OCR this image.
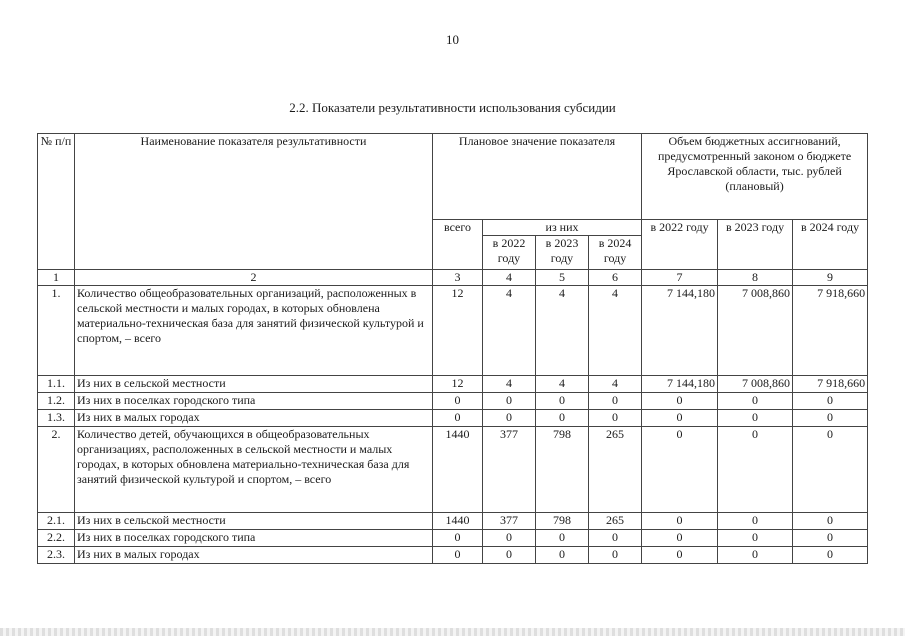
10
2.2. Показатели результативности использования субсидии
№ п/п	Наименование показателя результативности	Плановое значение показателя				Объем бюджетных ассигнований, предусмотренный законом о бюджете Ярославской области, тыс. рублей (плановый)		
		всего	из них			в 2022 году	в 2023 году	в 2024 году
			в 2022 году	в 2023 году	в 2024 году			
1	2	3	4	5	6	7	8	9
1.	Количество общеобразовательных организаций, расположенных в сельской местности и малых городах, в которых обновлена материально-техническая база для занятий физической культурой и спортом, – всего	12	4	4	4	7 144,180	7 008,860	7 918,660
1.1.	Из них в сельской местности	12	4	4	4	7 144,180	7 008,860	7 918,660
1.2.	Из них в поселках городского типа	0	0	0	0	0	0	0
1.3.	Из них в малых городах	0	0	0	0	0	0	0
2.	Количество детей, обучающихся в общеобразовательных организациях, расположенных в сельской местности и малых городах, в которых обновлена материально-техническая база для занятий физической культурой и спортом, – всего	1440	377	798	265	0	0	0
2.1.	Из них в сельской местности	1440	377	798	265	0	0	0
2.2.	Из них в поселках городского типа	0	0	0	0	0	0	0
2.3.	Из них в малых городах	0	0	0	0	0	0	0
